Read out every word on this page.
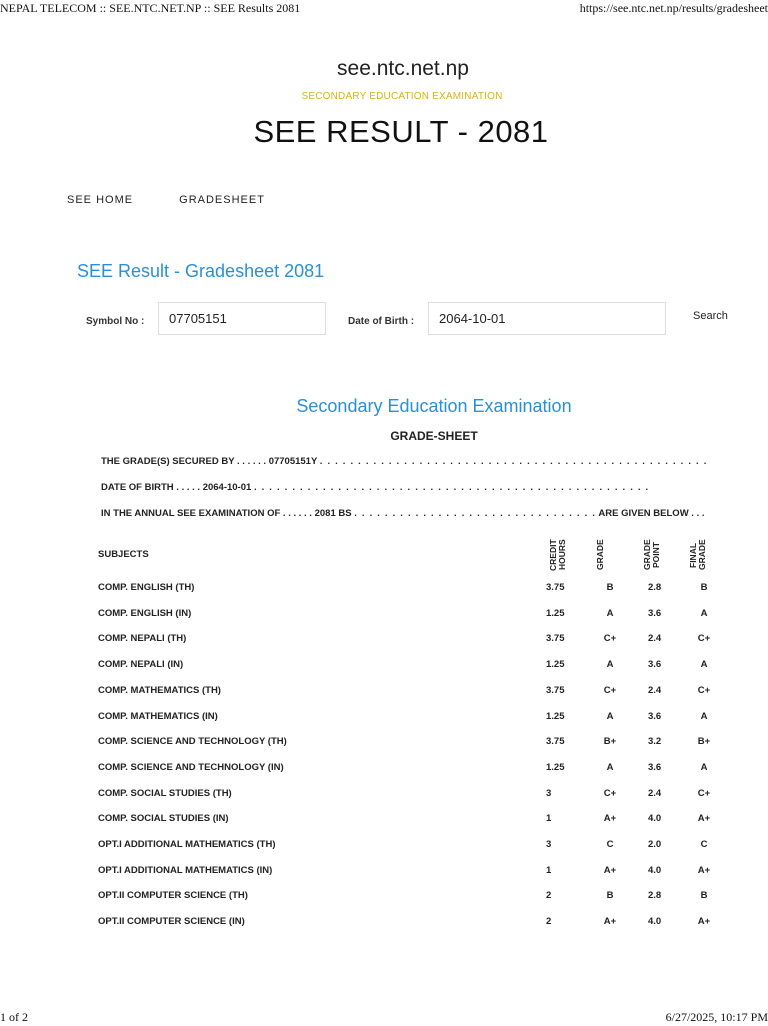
NEPAL TELECOM :: SEE.NTC.NET.NP :: SEE Results 2081	https://see.ntc.net.np/results/gradesheet
see.ntc.net.np
SECONDARY EDUCATION EXAMINATION
SEE RESULT - 2081
SEE HOME	GRADESHEET
SEE Result - Gradesheet 2081
Symbol No :
07705151	Date of Birth :
2064-10-01	Search
Secondary Education Examination
GRADE-SHEET
THE GRADE(S) SECURED BY . . . . . . 07705151Y . . . . . . . . . . . . . . . . . . . . . . . . . . . . . . . . . . . . . . . . . . . . . . . . . . .
DATE OF BIRTH . . . . . 2064-10-01 . . . . . . . . . . . . . . . . . . . . . . . . . . . . . . . . . . . . . . . . . . . . . . . . . . . .
IN THE ANNUAL SEE EXAMINATION OF . . . . . . 2081 BS . . . . . . . . . . . . . . . . . . . . . . . . . . . . . . . . ARE GIVEN BELOW . . .
SUBJECTS	CREDIT HOURS	GRADE	GRADE POINT	FINAL GRADE
COMP. ENGLISH (TH)	3.75	B	2.8	B
COMP. ENGLISH (IN)	1.25	A	3.6	A
COMP. NEPALI (TH)	3.75	C+	2.4	C+
COMP. NEPALI (IN)	1.25	A	3.6	A
COMP. MATHEMATICS (TH)	3.75	C+	2.4	C+
COMP. MATHEMATICS (IN)	1.25	A	3.6	A
COMP. SCIENCE AND TECHNOLOGY (TH)	3.75	B+	3.2	B+
COMP. SCIENCE AND TECHNOLOGY (IN)	1.25	A	3.6	A
COMP. SOCIAL STUDIES (TH)	3	C+	2.4	C+
COMP. SOCIAL STUDIES (IN)	1	A+	4.0	A+
OPT.I ADDITIONAL MATHEMATICS (TH)	3	C	2.0	C
OPT.I ADDITIONAL MATHEMATICS (IN)	1	A+	4.0	A+
OPT.II COMPUTER SCIENCE (TH)	2	B	2.8	B
OPT.II COMPUTER SCIENCE (IN)	2	A+	4.0	A+
1 of 2	6/27/2025, 10:17 PM
